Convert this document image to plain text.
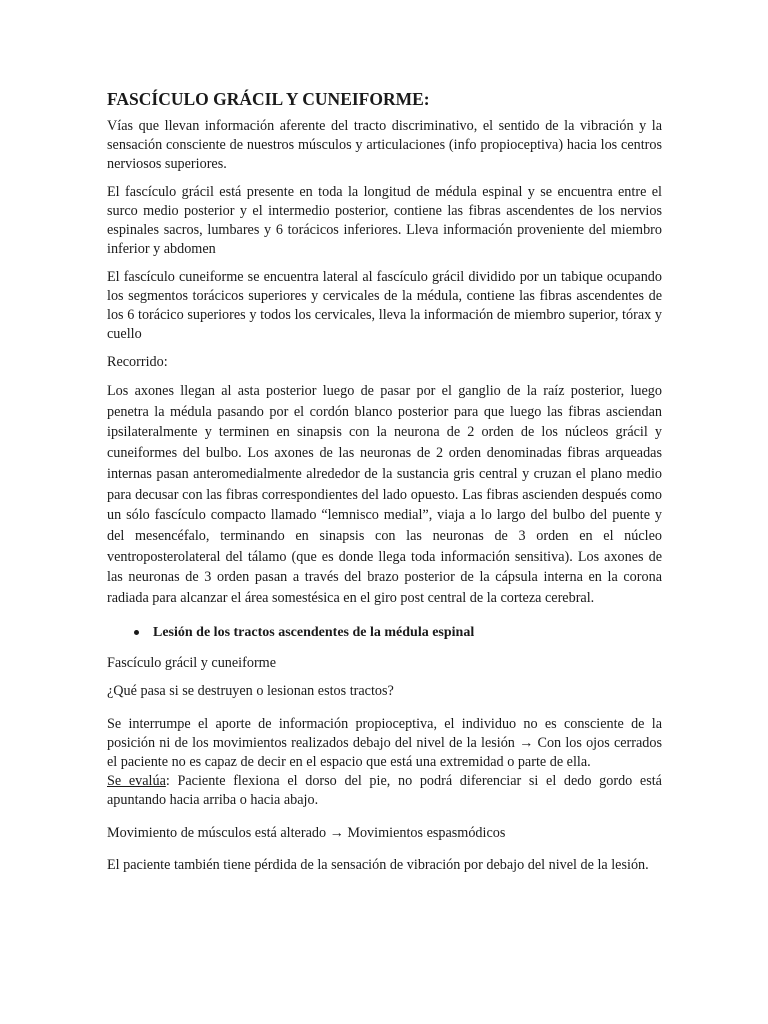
FASCÍCULO GRÁCIL Y CUNEIFORME:

Vías que llevan información aferente del tracto discriminativo, el sentido de la vibración y la sensación consciente de nuestros músculos y articulaciones (info propioceptiva) hacia los centros nerviosos superiores.

El fascículo grácil está presente en toda la longitud de médula espinal y se encuentra entre el surco medio posterior y el intermedio posterior, contiene las fibras ascendentes de los nervios espinales sacros, lumbares y 6 torácicos inferiores. Lleva información proveniente del miembro inferior y abdomen

El fascículo cuneiforme se encuentra lateral al fascículo grácil dividido por un tabique ocupando los segmentos torácicos superiores y cervicales de la médula, contiene las fibras ascendentes de los 6 torácico superiores y todos los cervicales, lleva la información de miembro superior, tórax y cuello

Recorrido:

Los axones llegan al asta posterior luego de pasar por el ganglio de la raíz posterior, luego penetra la médula pasando por el cordón blanco posterior para que luego las fibras asciendan ipsilateralmente y terminen en sinapsis con la neurona de 2 orden de los núcleos grácil y cuneiformes del bulbo. Los axones de las neuronas de 2 orden denominadas fibras arqueadas internas pasan anteromedialmente alrededor de la sustancia gris central y cruzan el plano medio para decusar con las fibras correspondientes del lado opuesto. Las fibras ascienden después como un sólo fascículo compacto llamado “lemnisco medial”, viaja a lo largo del bulbo del puente y del mesencéfalo, terminando en sinapsis con las neuronas de 3 orden en el núcleo ventroposterolateral del tálamo (que es donde llega toda información sensitiva). Los axones de las neuronas de 3 orden pasan a través del brazo posterior de la cápsula interna en la corona radiada para alcanzar el área somestésica en el giro post central de la corteza cerebral.

Lesión de los tractos ascendentes de la médula espinal

Fascículo grácil y cuneiforme

¿Qué pasa si se destruyen o lesionan estos tractos?

Se interrumpe el aporte de información propioceptiva, el individuo no es consciente de la posición ni de los movimientos realizados debajo del nivel de la lesión → Con los ojos cerrados el paciente no es capaz de decir en el espacio que está una extremidad o parte de ella.

Se evalúa: Paciente flexiona el dorso del pie, no podrá diferenciar si el dedo gordo está apuntando hacia arriba o hacia abajo.

Movimiento de músculos está alterado → Movimientos espasmódicos

El paciente también tiene pérdida de la sensación de vibración por debajo del nivel de la lesión.
